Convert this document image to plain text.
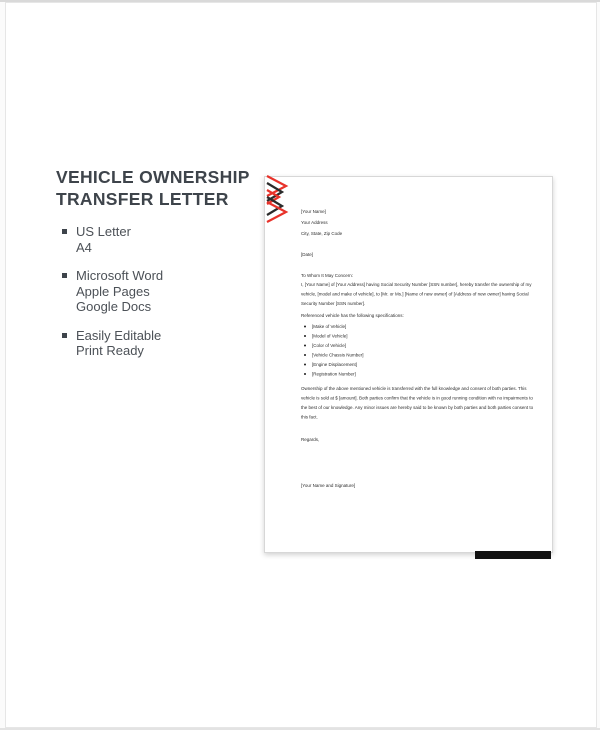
VEHICLE OWNERSHIP
TRANSFER LETTER
US Letter
A4
Microsoft Word
Apple Pages
Google Docs
Easily Editable
Print Ready
[Your Name]
Your Address
City, State, Zip Code
[Date]
To Whom It May Concern:
I, [Your Name] of [Your Address] having Social Security Number [SSN number], hereby transfer the ownership of my vehicle, [model and make of vehicle], to [Mr. or Ms.] [Name of new owner] of [Address of new owner] having Social Security Number [SSN number].
Referenced vehicle has the following specifications:
[Make of Vehicle]
[Model of Vehicle]
[Color of Vehicle]
[Vehicle Chassis Number]
[Engine Displacement]
[Registration Number]
Ownership of the above mentioned vehicle is transferred with the full knowledge and consent of both parties. This vehicle is sold at $ [amount]. Both parties confirm that the vehicle is in good running condition with no impairments to the best of our knowledge. Any minor issues are hereby said to be known by both parties and both parties consent to this fact.
Regards,
[Your Name and Signature]
